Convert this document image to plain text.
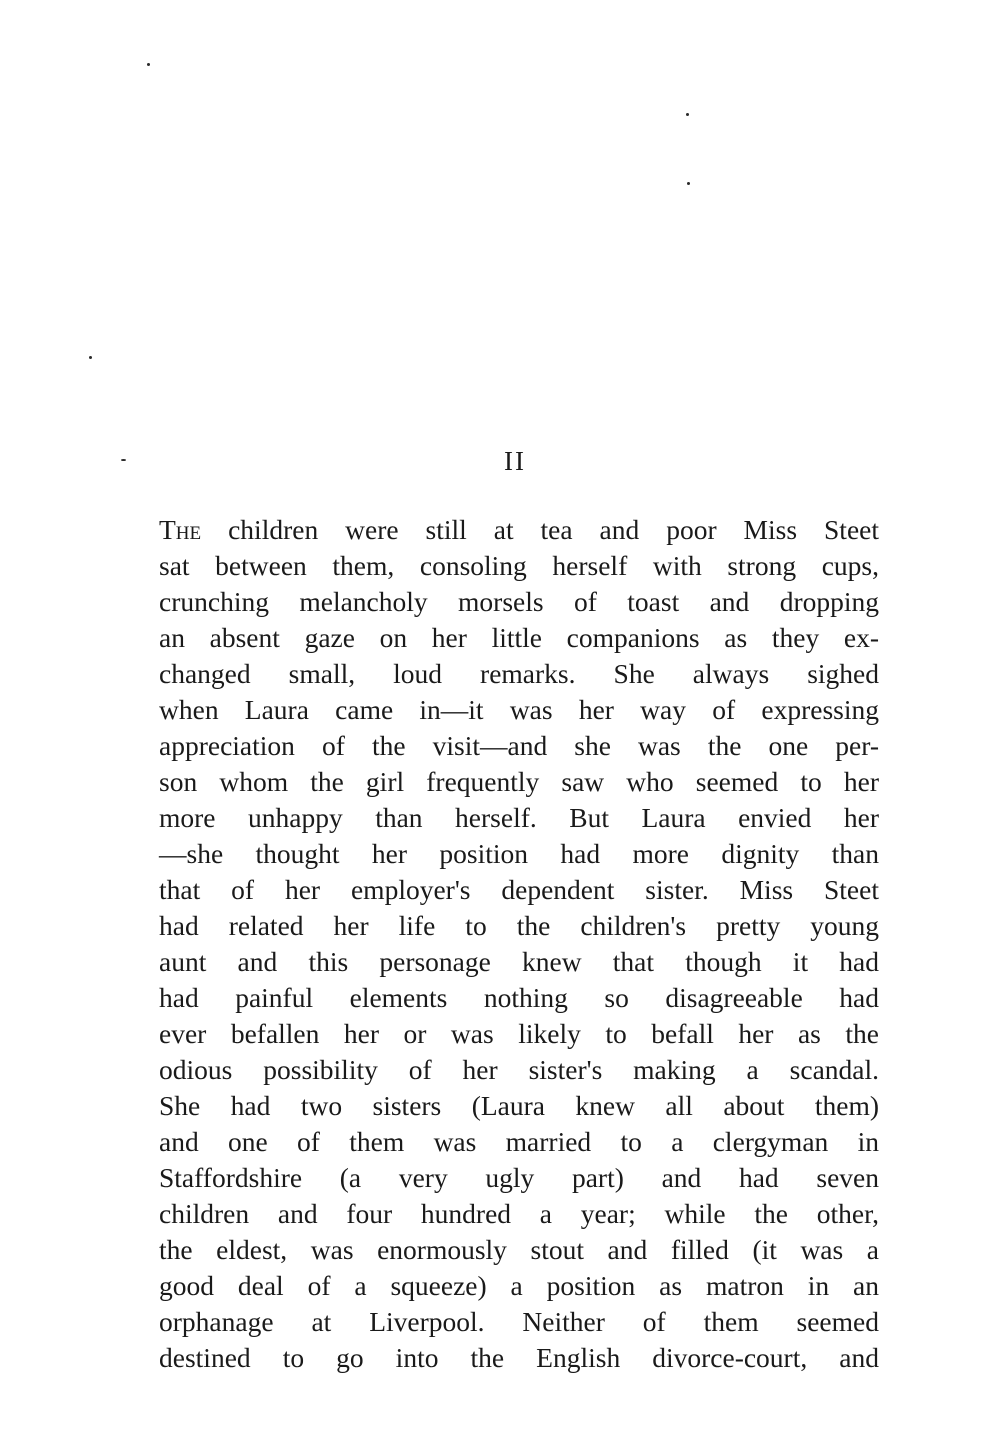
II
The children were still at tea and poor Miss Steet
sat between them, consoling herself with strong cups,
crunching melancholy morsels of toast and dropping
an absent gaze on her little companions as they ex-
changed small, loud remarks. She always sighed
when Laura came in—it was her way of expressing
appreciation of the visit—and she was the one per-
son whom the girl frequently saw who seemed to her
more unhappy than herself. But Laura envied her
—she thought her position had more dignity than
that of her employer's dependent sister. Miss Steet
had related her life to the children's pretty young
aunt and this personage knew that though it had
had painful elements nothing so disagreeable had
ever befallen her or was likely to befall her as the
odious possibility of her sister's making a scandal.
She had two sisters (Laura knew all about them)
and one of them was married to a clergyman in
Staffordshire (a very ugly part) and had seven
children and four hundred a year; while the other,
the eldest, was enormously stout and filled (it was a
good deal of a squeeze) a position as matron in an
orphanage at Liverpool. Neither of them seemed
destined to go into the English divorce-court, and
